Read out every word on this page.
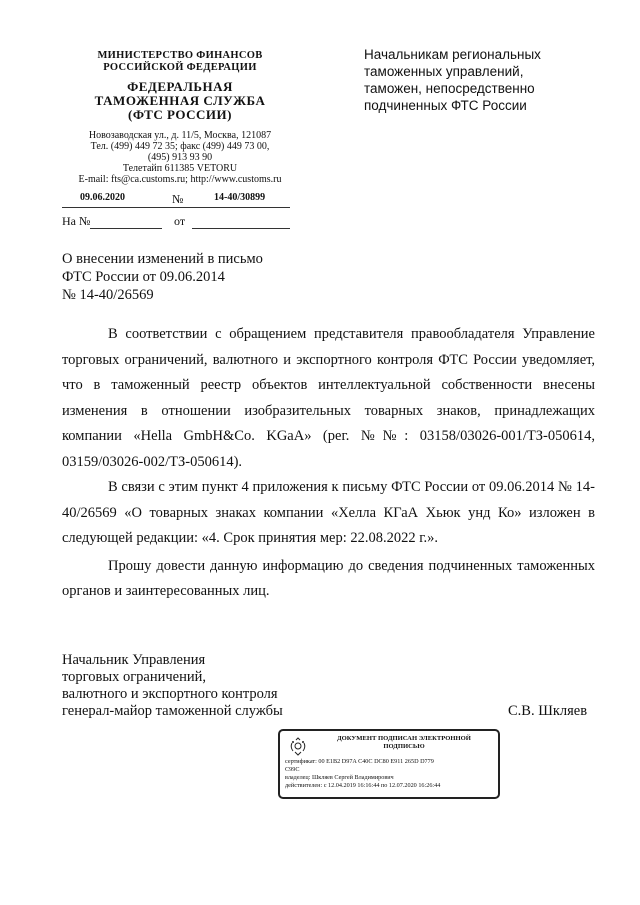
МИНИСТЕРСТВО ФИНАНСОВ
РОССИЙСКОЙ ФЕДЕРАЦИИ
ФЕДЕРАЛЬНАЯ
ТАМОЖЕННАЯ СЛУЖБА
(ФТС РОССИИ)
Новозаводская ул., д. 11/5, Москва, 121087
Тел. (499) 449 72 35; факс (499) 449 73 00,
(495) 913 93 90
Телетайп 611385 VETORU
E-mail: fts@ca.customs.ru; http://www.customs.ru
09.06.2020	№	14-40/30899
На №	от
Начальникам региональных
таможенных управлений,
таможен, непосредственно
подчиненных ФТС России
О внесении изменений в письмо
ФТС России от 09.06.2014
№ 14-40/26569

В соответствии с обращением представителя правообладателя Управление торговых ограничений, валютного и экспортного контроля ФТС России уведомляет, что в таможенный реестр объектов интеллектуальной собственности внесены изменения в отношении изобразительных товарных знаков, принадлежащих компании «Hella GmbH&Co. KGaA» (рег. №№: 03158/03026-001/ТЗ-050614, 03159/03026-002/ТЗ-050614).

В связи с этим пункт 4 приложения к письму ФТС России от 09.06.2014 № 14-40/26569 «О товарных знаках компании «Хелла КГаА Хьюк унд Ко» изложен в следующей редакции: «4. Срок принятия мер: 22.08.2022 г.».

Прошу довести данную информацию до сведения подчиненных таможенных органов и заинтересованных лиц.

Начальник Управления
торговых ограничений,
валютного и экспортного контроля
генерал-майор таможенной службы	С.В. Шкляев
ДОКУМЕНТ ПОДПИСАН ЭЛЕКТРОННОЙ
ПОДПИСЬЮ
сертификат: 00 E1B2 D97A C40C DC80 E911 265D D779
C99C
владелец: Шкляев Сергей Владимирович
действителен: с 12.04.2019 16:16:44 по 12.07.2020 16:26:44
